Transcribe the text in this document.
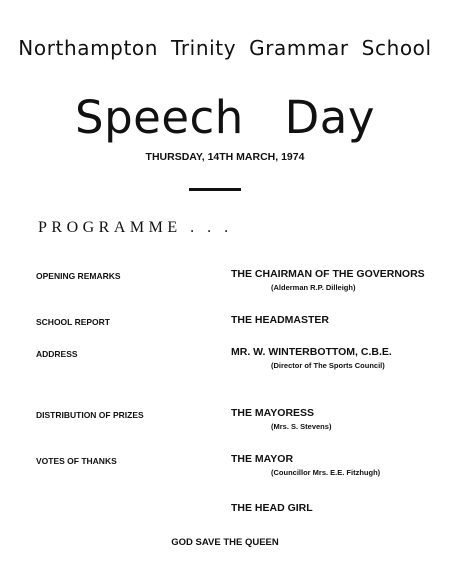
Northampton Trinity Grammar School
Speech Day

THURSDAY, 14TH MARCH, 1974

PROGRAMME . . .

OPENING REMARKS	THE CHAIRMAN OF THE GOVERNORS
(Alderman R.P. Dilleigh)

SCHOOL REPORT	THE HEADMASTER

ADDRESS	MR. W. WINTERBOTTOM, C.B.E.
(Director of The Sports Council)

DISTRIBUTION OF PRIZES	THE MAYORESS
(Mrs. S. Stevens)

VOTES OF THANKS	THE MAYOR
(Councillor Mrs. E.E. Fitzhugh)
THE HEAD GIRL

GOD SAVE THE QUEEN
